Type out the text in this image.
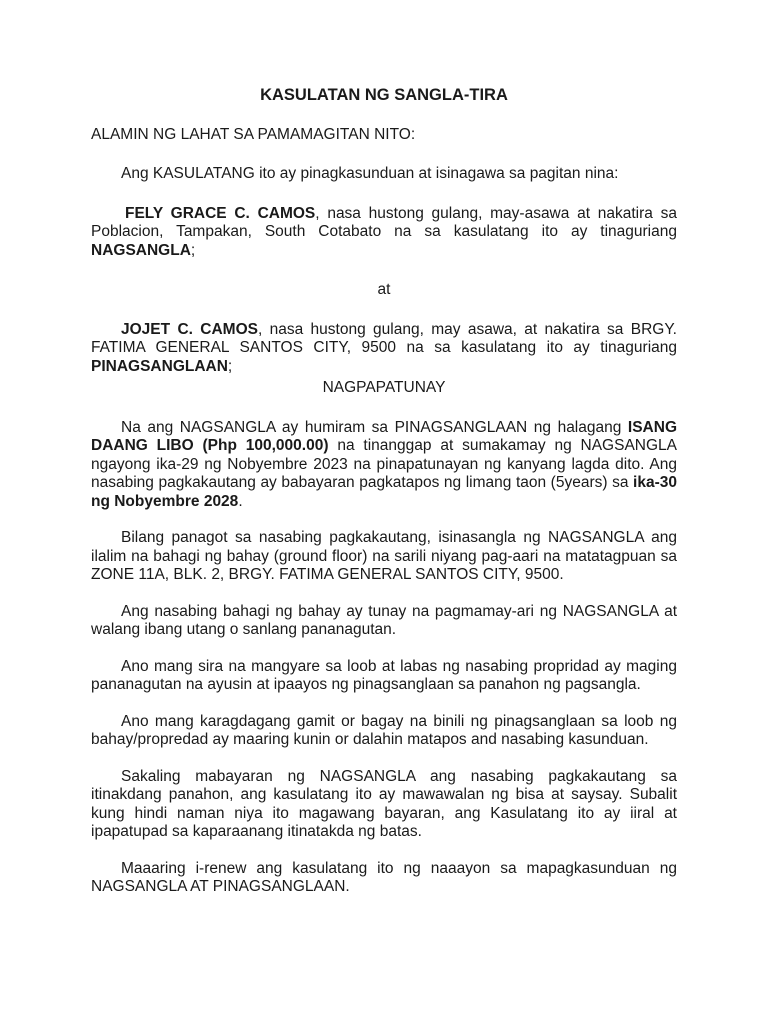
KASULATAN NG SANGLA-TIRA

ALAMIN NG LAHAT SA PAMAMAGITAN NITO:

Ang KASULATANG ito ay pinagkasunduan at isinagawa sa pagitan nina:

FELY GRACE C. CAMOS, nasa hustong gulang, may-asawa at nakatira sa Poblacion, Tampakan, South Cotabato na sa kasulatang ito ay tinaguriang NAGSANGLA;

at

JOJET C. CAMOS, nasa hustong gulang, may asawa, at nakatira sa BRGY. FATIMA GENERAL SANTOS CITY, 9500 na sa kasulatang ito ay tinaguriang PINAGSANGLAAN;

NAGPAPATUNAY

Na ang NAGSANGLA ay humiram sa PINAGSANGLAAN ng halagang ISANG DAANG LIBO (Php 100,000.00) na tinanggap at sumakamay ng NAGSANGLA ngayong ika-29 ng Nobyembre 2023 na pinapatunayan ng kanyang lagda dito. Ang nasabing pagkakautang ay babayaran pagkatapos ng limang taon (5years) sa ika-30 ng Nobyembre 2028.

Bilang panagot sa nasabing pagkakautang, isinasangla ng NAGSANGLA ang ilalim na bahagi ng bahay (ground floor) na sarili niyang pag-aari na matatagpuan sa ZONE 11A, BLK. 2, BRGY. FATIMA GENERAL SANTOS CITY, 9500.

Ang nasabing bahagi ng bahay ay tunay na pagmamay-ari ng NAGSANGLA at walang ibang utang o sanlang pananagutan.

Ano mang sira na mangyare sa loob at labas ng nasabing propridad ay maging pananagutan na ayusin at ipaayos ng pinagsanglaan sa panahon ng pagsangla.

Ano mang karagdagang gamit or bagay na binili ng pinagsanglaan sa loob ng bahay/propredad ay maaring kunin or dalahin matapos and nasabing kasunduan.

Sakaling mabayaran ng NAGSANGLA ang nasabing pagkakautang sa itinakdang panahon, ang kasulatang ito ay mawawalan ng bisa at saysay. Subalit kung hindi naman niya ito magawang bayaran, ang Kasulatang ito ay iiral at ipapatupad sa kaparaanang itinatakda ng batas.

Maaaring i-renew ang kasulatang ito ng naaayon sa mapagkasunduan ng NAGSANGLA AT PINAGSANGLAAN.
